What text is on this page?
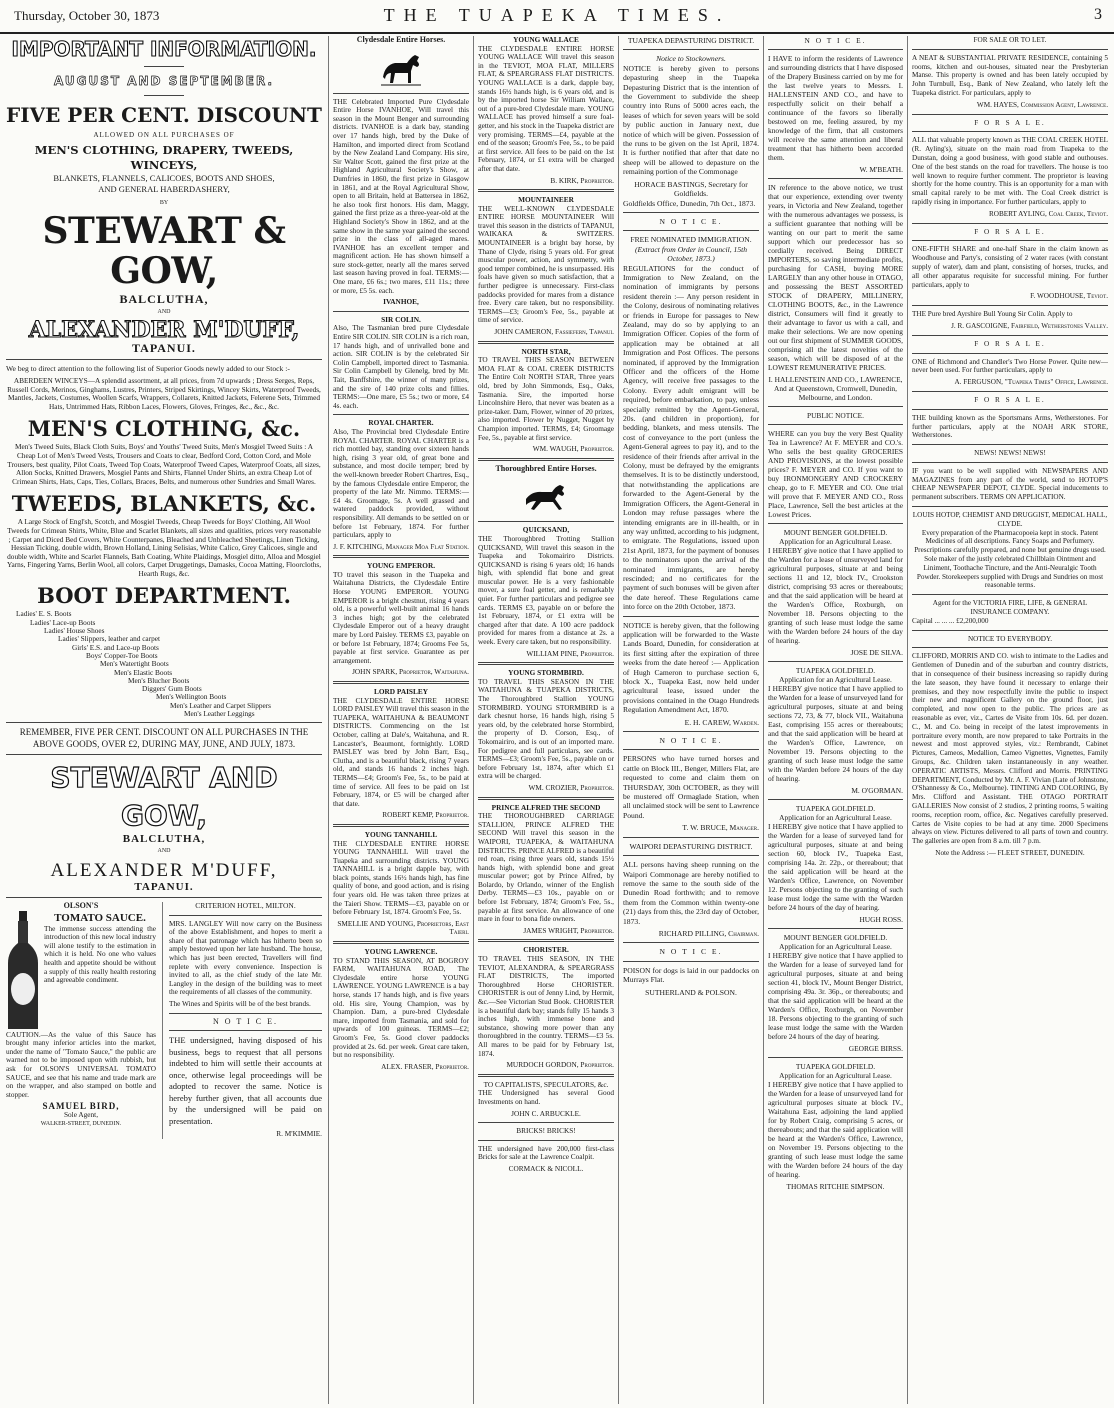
Thursday, October 30, 1873	THE TUAPEKA TIMES.	3
IMPORTANT INFORMATION.
AUGUST AND SEPTEMBER.
FIVE PER CENT. DISCOUNT
ALLOWED ON ALL PURCHASES OF
MEN'S CLOTHING, DRAPERY, TWEEDS, WINCEYS,
BLANKETS, FLANNELS, CALICOES, BOOTS AND SHOES,
AND GENERAL HABERDASHERY,
BY
STEWART & GOW,
BALCLUTHA,
AND
ALEXANDER M'DUFF,
TAPANUI.

We beg to direct attention to the following list of Superior Goods newly added to our Stock :-

ABERDEEN WINCEYS—A splendid assortment, at all prices, from 7d upwards ; Dress Serges, Reps, Russell Cords, Merinos, Ginghams, Lustres, Printers, Striped Skirtings, Wincey Skirts, Waterproof Tweeds, Mantles, Jackets, Costumes, Woollen Scarfs, Wrappers, Collarets, Knitted Jackets, Felerene Sets, Trimmed Hats, Untrimmed Hats, Ribbon Laces, Flowers, Gloves, Fringes, &c., &c., &c.

MEN'S CLOTHING, &c.

Men's Tweed Suits, Black Cloth Suits, Boys' and Youths' Tweed Suits, Men's Mosgiel Tweed Suits : A Cheap Lot of Men's Tweed Vests, Trousers and Coats to clear, Bedford Cord, Cotton Cord, and Mole Trousers, best quality, Pilot Coats, Tweed Top Coats, Waterproof Tweed Capes, Waterproof Coats, all sizes, Allon Socks, Knitted Drawers, Mosgiel Pants and Shirts, Flannel Under Shirts, an extra Cheap Lot of Crimean Shirts, Hats, Caps, Ties, Collars, Braces, Belts, and numerous other Sundries and Small Wares.

TWEEDS, BLANKETS, &c.

A Large Stock of Engl'sh, Scotch, and Mosgiel Tweeds, Cheap Tweeds for Boys' Clothing, All Wool Tweeds for Crimean Shirts, White, Blue and Scarlet Blankets, all sizes and qualities, prices very reasonable ; Carpet and Diced Bed Covers, White Counterpanes, Bleached and Unbleached Sheetings, Linen Ticking, Hessian Ticking, double width, Brown Holland, Lining Selisias, White Calico, Grey Calicoes, single and double width, White and Scarlet Flannels, Bath Coating, White Plaidings, Mosgiel ditto, Alloa and Mosgiel Yarns, Fingering Yarns, Berlin Wool, all colors, Carpet Druggetings, Damasks, Cocoa Matting, Floorcloths, Hearth Rugs, &c.

BOOT DEPARTMENT.
Ladies' E. S. Boots
Ladies' Lace-up Boots
Ladies' House Shoes
Ladies' Slippers, leather and carpet
Girls' E.S. and Lace-up Boots
Boys' Copper-Toe Boots
Men's Watertight Boots
Men's Elastic Boots
Men's Blucher Boots
Diggers' Gum Boots
Men's Wellington Boots
Men's Leather and Carpet Slippers
Men's Leather Leggings

REMEMBER, FIVE PER CENT. DISCOUNT ON ALL PURCHASES IN THE ABOVE GOODS, OVER £2, DURING MAY, JUNE, AND JULY, 1873.

STEWART AND GOW,
BALCLUTHA,
AND
ALEXANDER M'DUFF,
TAPANUI.
OLSON'S
TOMATO SAUCE.

The immense success attending the introduction of this new local industry will alone testify to the estimation in which it is held. No one who values health and appetite should be without a supply of this really health restoring and agreeable condiment.

CAUTION.—As the value of this Sauce has brought many inferior articles into the market, under the name of "Tomato Sauce," the public are warned not to be imposed upon with rubbish, but ask for OLSON'S UNIVERSAL TOMATO SAUCE, and see that his name and trade mark are on the wrapper, and also stamped on bottle and stopper.

SAMUEL BIRD,
Sole Agent,
WALKER-STREET, DUNEDIN.
CRITERION HOTEL, MILTON.

MRS. LANGLEY Will now carry on the Business of the above Establishment, and hopes to merit a share of that patronage which has hitherto been so amply bestowed upon her late husband. The house, which has just been erected, Travellers will find replete with every convenience. Inspection is invited to all, as the chief study of the late Mr. Langley in the design of the building was to meet the requirements of all classes of the community.

The Wines and Spirits will be of the best brands.

N O T I C E.

THE undersigned, having disposed of his business, begs to request that all persons indebted to him will settle their accounts at once, otherwise legal proceedings will be adopted to recover the same. Notice is hereby further given, that all accounts due by the undersigned will be paid on presentation.

R. M'KIMMIE.
Clydesdale Entire Horses.

THE Celebrated Imported Pure Clydesdale Entire Horse IVANHOE, Will travel this season in the Mount Benger and surrounding districts. IVANHOE is a dark bay, standing over 17 hands high, bred by the Duke of Hamilton, and imported direct from Scotland by the New Zealand Land Company. His sire, Sir Walter Scott, gained the first prize at the Highland Agricultural Society's Show, at Dumfries in 1860, the first prize in Glasgow in 1861, and at the Royal Agricultural Show, open to all Britain, held at Battersea in 1862, he also took first honors. His dam, Maggy, gained the first prize as a three-year-old at the Highland Society's Show in 1862, and at the same show in the same year gained the second prize in the class of all-aged mares. IVANHOE has an excellent temper and magnificent action. He has shown himself a sure stock-getter, nearly all the mares served last season having proved in foal. TERMS:—One mare, £6 6s.; two mares, £11 11s.; three or more, £5 5s. each.

IVANHOE,
SIR COLIN.

Also, The Tasmanian bred pure Clydesdale Entire SIR COLIN. SIR COLIN is a rich roan, 17 hands high, and of unrivalled bone and action. SIR COLIN is by the celebrated Sir Colin Campbell, imported direct to Tasmania. Sir Colin Campbell by Glenelg, bred by Mr. Tait, Banffshire, the winner of many prizes, and the sire of 140 prize colts and fillies. TERMS:—One mare, £5 5s.; two or more, £4 4s. each.

ROYAL CHARTER.

Also, The Provincial bred Clydesdale Entire ROYAL CHARTER. ROYAL CHARTER is a rich mottled bay, standing over sixteen hands high, rising 3 year old, of great bone and substance, and most docile temper; bred by the well-known breeder Robert Chartres, Esq., by the famous Clydesdale entire Emperor, the property of the late Mr. Nimmo. TERMS:—£4 4s. Groomage, 5s. A well grassed and watered paddock provided, without responsibility. All demands to be settled on or before 1st February, 1874. For further particulars, apply to

J. F. KITCHING, Manager Moa Flat Station.
YOUNG EMPEROR.

TO travel this season in the Tuapeka and Waitahuna Districts, the Clydesdale Entire Horse YOUNG EMPEROR. YOUNG EMPEROR is a bright chestnut, rising 4 years old, is a powerful well-built animal 16 hands 3 inches high; got by the celebrated Clydesdale Emperor out of a heavy draught mare by Lord Paisley. TERMS £3, payable on or before 1st February, 1874; Grooms Fee 5s, payable at first service. Guarantee as per arrangement.

JOHN SPARK, Proprietor, Waitahuna.
LORD PAISLEY

THE CLYDESDALE ENTIRE HORSE LORD PAISLEY Will travel this season in the TUAPEKA, WAITAHUNA & BEAUMONT DISTRICTS. Commencing on the 1st October, calling at Dale's, Waitahuna, and R. Lancaster's, Beaumont, fortnightly. LORD PAISLEY was bred by John Barr, Esq., Clutha, and is a beautiful black, rising 7 years old, and stands 16 hands 2 inches high. TERMS—£4; Groom's Fee, 5s., to be paid at time of service. All fees to be paid on 1st February, 1874, or £5 will be charged after that date.

ROBERT KEMP, Proprietor.
YOUNG TANNAHILL

THE CLYDESDALE ENTIRE HORSE YOUNG TANNAHILL Will travel the Tuapeka and surrounding districts. YOUNG TANNAHILL is a bright dapple bay, with black points, stands 16½ hands high, has fine quality of bone, and good action, and is rising four years old. He was taken three prizes at the Taieri Show. TERMS—£3, payable on or before February 1st, 1874. Groom's Fee, 5s.

SMELLIE AND YOUNG, Proprietors, East Taieri.
YOUNG LAWRENCE.

TO STAND THIS SEASON, AT BOGROY FARM, WAITAHUNA ROAD, The Clydesdale entire horse YOUNG LAWRENCE. YOUNG LAWRENCE is a bay horse, stands 17 hands high, and is five years old. His sire, Young Champion, was by Champion. Dam, a pure-bred Clydesdale mare, imported from Tasmania, and sold for upwards of 100 guineas. TERMS—£2; Groom's Fee, 5s. Good clover paddocks provided at 2s. 6d. per week. Great care taken, but no responsibility.

ALEX. FRASER, Proprietor.
YOUNG WALLACE

THE CLYDESDALE ENTIRE HORSE YOUNG WALLACE Will travel this season in the TEVIOT, MOA FLAT, MILLERS FLAT, & SPEARGRASS FLAT DISTRICTS. YOUNG WALLACE is a dark, dapple bay, stands 16½ hands high, is 6 years old, and is by the imported horse Sir William Wallace, out of a pure-bred Clydesdale mare. YOUNG WALLACE has proved himself a sure foal-getter, and his stock in the Tuapeka district are very promising. TERMS—£4, payable at the end of the season; Groom's Fee, 5s., to be paid at first service. All fees to be paid on the 1st February, 1874, or £1 extra will be charged after that date.

B. KIRK, Proprietor.
MOUNTAINEER

THE WELL-KNOWN CLYDESDALE ENTIRE HORSE MOUNTAINEER Will travel this season in the districts of TAPANUI, WAIKAKA & SWITZERS. MOUNTAINEER is a bright bay horse, by Thane of Clyde, rising 5 years old. For great muscular power, action, and symmetry, with good temper combined, he is unsurpassed. His foals have given so much satisfaction, that a further pedigree is unnecessary. First-class paddocks provided for mares from a distance free. Every care taken, but no responsibility. TERMS—£3; Groom's Fee, 5s., payable at time of service.

JOHN CAMERON, Fassiefern, Tapanui.
NORTH STAR,

TO TRAVEL THIS SEASON BETWEEN MOA FLAT & COAL CREEK DISTRICTS The Entire Colt NORTH STAR, Three years old, bred by John Simmonds, Esq., Oaks, Tasmania. Sire, the imported horse Lincolnshire Hero, that never was beaten as a prize-taker. Dam, Flower, winner of 20 prizes, also imported. Flower by Nugget, Nugget by Champion imported. TERMS, £4; Groomage Fee, 5s., payable at first service.

WM. WAUGH, Proprietor.
Thoroughbred Entire Horses.
QUICKSAND,

THE Thoroughbred Trotting Stallion QUICKSAND, Will travel this season in the Tuapeka and Tokomairiro Districts. QUICKSAND is rising 6 years old; 16 hands high, with splendid flat bone and great muscular power. He is a very fashionable mover, a sure foal getter, and is remarkably quiet. For further particulars and pedigree see cards. TERMS £3, payable on or before the 1st February, 1874, or £1 extra will be charged after that date. A 100 acre paddock provided for mares from a distance at 2s. a week. Every care taken, but no responsibility.

WILLIAM PINE, Proprietor.
YOUNG STORMBIRD.

TO TRAVEL THIS SEASON IN THE WAITAHUNA & TUAPEKA DISTRICTS, The Thoroughbred Stallion YOUNG STORMBIRD. YOUNG STORMBIRD is a dark chesnut horse, 16 hands high, rising 5 years old, by the celebrated horse Stormbird, the property of D. Corson, Esq., of Tokomairiro, and is out of an imported mare. For pedigree and full particulars, see cards. TERMS—£3; Groom's Fee, 5s., payable on or before February 1st, 1874, after which £1 extra will be charged.

WM. CROZIER, Proprietor.
PRINCE ALFRED THE SECOND

THE THOROUGHBRED CARRIAGE STALLION, PRINCE ALFRED THE SECOND Will travel this season in the WAIPORI, TUAPEKA, & WAITAHUNA DISTRICTS. PRINCE ALFRED is a beautiful red roan, rising three years old, stands 15½ hands high, with splendid bone and great muscular power; got by Prince Alfred, by Bolardo, by Orlando, winner of the English Derby. TERMS—£3 10s., payable on or before 1st February, 1874; Groom's Fee, 5s., payable at first service. An allowance of one mare in four to bona fide owners.

JAMES WRIGHT, Proprietor.
CHORISTER.

TO TRAVEL THIS SEASON, IN THE TEVIOT, ALEXANDRA, & SPEARGRASS FLAT DISTRICTS, The imported Thoroughbred Horse CHORISTER. CHORISTER is out of Jenny Lind, by Hermit, &c.—See Victorian Stud Book. CHORISTER is a beautiful dark bay; stands fully 15 hands 3 inches high, with immense bone and substance, showing more power than any thoroughbred in the country. TERMS—£3 5s. All mares to be paid for by February 1st, 1874.

MURDOCH GORDON, Proprietor.
TO CAPITALISTS, SPECULATORS, &c.

THE Undersigned has several Good Investments on hand.

JOHN C. ARBUCKLE.
BRICKS! BRICKS!

THE undersigned have 200,000 first-class Bricks for sale at the Lawrence Coalpit.

CORMACK & NICOLL.
TUAPEKA DEPASTURING DISTRICT.
Notice to Stockowners.

NOTICE is hereby given to persons depasturing sheep in the Tuapeka Depasturing District that is the intention of the Government to subdivide the sheep country into Runs of 5000 acres each, the leases of which for seven years will be sold by public auction in January next, due notice of which will be given. Possession of the runs to be given on the 1st April, 1874. It is further notified that after that date no sheep will be allowed to depasture on the remaining portion of the Commonage

HORACE BASTINGS, Secretary for Goldfields.
Goldfields Office, Dunedin, 7th Oct., 1873.
N O T I C E.
FREE NOMINATED IMMIGRATION.
(Extract from Order in Council, 15th October, 1873.)

REGULATIONS for the conduct of Immigration to New Zealand, on the nomination of immigrants by persons resident therein :— Any person resident in the Colony, desirous of nominating relatives or friends in Europe for passages to New Zealand, may do so by applying to an Immigration Officer. Copies of the form of application may be obtained at all Immigration and Post Offices. The persons nominated, if approved by the Immigration Officer and the officers of the Home Agency, will receive free passages to the Colony. Every adult emigrant will be required, before embarkation, to pay, unless specially remitted by the Agent-General, 20s. (and children in proportion), for bedding, blankets, and mess utensils. The cost of conveyance to the port (unless the Agent-General agrees to pay it), and to the residence of their friends after arrival in the Colony, must be defrayed by the emigrants themselves. It is to be distinctly understood, that notwithstanding the applications are forwarded to the Agent-General by the Immigration Officers, the Agent-General in London may refuse passages where the intending emigrants are in ill-health, or in any way unfitted, according to his judgment, to emigrate. The Regulations, issued upon 21st April, 1873, for the payment of bonuses to the nominators upon the arrival of the nominated immigrants, are hereby rescinded; and no certificates for the payment of such bonuses will be given after the date hereof. These Regulations came into force on the 20th October, 1873.

NOTICE is hereby given, that the following application will be forwarded to the Waste Lands Board, Dunedin, for consideration at its first sitting after the expiration of three weeks from the date hereof :— Application of Hugh Cameron to purchase section 6, block X., Tuapeka East, now held under agricultural lease, issued under the provisions contained in the Otago Hundreds Regulation Amendment Act, 1870.

E. H. CAREW, Warden.
N O T I C E.

PERSONS who have turned horses and cattle on Block III., Benger, Millers Flat, are requested to come and claim them on THURSDAY, 30th OCTOBER, as they will be mustered off Ormaglade Station, when all unclaimed stock will be sent to Lawrence Pound.

T. W. BRUCE, Manager.
WAIPORI DEPASTURING DISTRICT.

ALL persons having sheep running on the Waipori Commonage are hereby notified to remove the same to the south side of the Dunedin Road forthwith; and to remove them from the Common within twenty-one (21) days from this, the 23rd day of October, 1873.

RICHARD PILLING, Chairman.
N O T I C E.

POISON for dogs is laid in our paddocks on Murrays Flat.

SUTHERLAND & POLSON.
N O T I C E.

I HAVE to inform the residents of Lawrence and surrounding districts that I have disposed of the Drapery Business carried on by me for the last twelve years to Messrs. I. HALLENSTEIN AND CO., and have to respectfully solicit on their behalf a continuance of the favors so liberally bestowed on me, feeling assured, by my knowledge of the firm, that all customers will receive the same attention and liberal treatment that has hitherto been accorded them.

W. M'BEATH.

IN reference to the above notice, we trust that our experience, extending over twenty years, in Victoria and New Zealand, together with the numerous advantages we possess, is a sufficient guarantee that nothing will be wanting on our part to merit the same support which our predecessor has so cordially received. Being DIRECT IMPORTERS, so saving intermediate profits, purchasing for CASH, buying MORE LARGELY than any other house in OTAGO, and possessing the BEST ASSORTED STOCK of DRAPERY, MILLINERY, CLOTHING BOOTS, &c., in the Lawrence district, Consumers will find it greatly to their advantage to favor us with a call, and make their selections. We are now opening out our first shipment of SUMMER GOODS, comprising all the latest novelties of the season, which will be disposed of at the LOWEST REMUNERATIVE PRICES.

I. HALLENSTEIN AND CO., LAWRENCE, And at Queenstown, Cromwell, Dunedin, Melbourne, and London.
PUBLIC NOTICE.

WHERE can you buy the very Best Quality Tea in Lawrence? At F. MEYER and CO.'s. Who sells the best quality GROCERIES AND PROVISIONS, at the lowest possible prices? F. MEYER and CO. If you want to buy IRONMONGERY AND CROCKERY cheap, go to F. MEYER and CO. One trial will prove that F. MEYER AND CO., Ross Place, Lawrence, Sell the best articles at the Lowest Prices.

MOUNT BENGER GOLDFIELD.
Application for an Agricultural Lease.

I HEREBY give notice that I have applied to the Warden for a lease of unsurveyed land for agricultural purposes, situate at and being sections 11 and 12, block IV., Crookston district, comprising 93 acres or thereabouts; and that the said application will be heard at the Warden's Office, Roxburgh, on November 18. Persons objecting to the granting of such lease must lodge the same with the Warden before 24 hours of the day of hearing.

JOSE DE SILVA.
TUAPEKA GOLDFIELD.
Application for an Agricultural Lease.

I HEREBY give notice that I have applied to the Warden for a lease of unsurveyed land for agricultural purposes, situate at and being sections 72, 73, & 77, block VII., Waitahuna East, comprising 155 acres or thereabouts; and that the said application will be heard at the Warden's Office, Lawrence, on November 19. Persons objecting to the granting of such lease must lodge the same with the Warden before 24 hours of the day of hearing.

M. O'GORMAN.
TUAPEKA GOLDFIELD.
Application for an Agricultural Lease.

I HEREBY give notice that I have applied to the Warden for a lease of surveyed land for agricultural purposes, situate at and being section 60, block IV., Tuapeka East, comprising 14a. 2r. 22p., or thereabout; that the said application will be heard at the Warden's Office, Lawrence, on November 12. Persons objecting to the granting of such lease must lodge the same with the Warden before 24 hours of the day of hearing.

HUGH ROSS.
MOUNT BENGER GOLDFIELD.
Application for an Agricultural Lease.

I HEREBY give notice that I have applied to the Warden for a lease of surveyed land for agricultural purposes, situate at and being section 41, block IV., Mount Benger District, comprising 49a. 3r. 36p., or thereabouts; and that the said application will be heard at the Warden's Office, Roxburgh, on November 18. Persons objecting to the granting of such lease must lodge the same with the Warden before 24 hours of the day of hearing.

GEORGE BIRSS.
TUAPEKA GOLDFIELD.
Application for an Agricultural Lease.

I HEREBY give notice that I have applied to the Warden for a lease of unsurveyed land for agricultural purposes situate at block IV., Waitahuna East, adjoining the land applied for by Robert Craig, comprising 5 acres, or thereabouts; and that the said application will be heard at the Warden's Office, Lawrence, on November 19. Persons objecting to the granting of such lease must lodge the same with the Warden before 24 hours of the day of hearing.

THOMAS RITCHIE SIMPSON.
FOR SALE OR TO LET.

A NEAT & SUBSTANTIAL PRIVATE RESIDENCE, containing 5 rooms, kitchen and out-houses, situated near the Presbyterian Manse. This property is owned and has been lately occupied by John Turnbull, Esq., Bank of New Zealand, who lately left the Tuapeka district. For particulars, apply to

WM. HAYES, Commission Agent, Lawrence.
F O R S A L E.

ALL that valuable property known as THE COAL CREEK HOTEL (R. Ayling's), situate on the main road from Tuapeka to the Dunstan, doing a good business, with good stable and outhouses. One of the best stands on the road for travellers. The house is too well known to require further comment. The proprietor is leaving shortly for the home country. This is an opportunity for a man with small capital rarely to be met with. The Coal Creek district is rapidly rising in importance. For further particulars, apply to

ROBERT AYLING, Coal Creek, Teviot.
F O R S A L E.

ONE-FIFTH SHARE and one-half Share in the claim known as Woodhouse and Party's, consisting of 2 water races (with constant supply of water), dam and plant, consisting of horses, trucks, and all other apparatus requisite for successful mining. For further particulars, apply to

F. WOODHOUSE, Teviot.

THE Pure bred Ayrshire Bull Young Sir Colin. Apply to

J. R. GASCOIGNE, Fairfield, Wetherstones Valley.
F O R S A L E.

ONE of Richmond and Chandler's Two Horse Power. Quite new—never been used. For further particulars, apply to

A. FERGUSON, "Tuapeka Times" Office, Lawrence.
F O R S A L E.

THE building known as the Sportsmans Arms, Wetherstones. For further particulars, apply at the NOAH ARK STORE, Wetherstones.

NEWS! NEWS! NEWS!

IF you want to be well supplied with NEWSPAPERS AND MAGAZINES from any part of the world, send to HOTOP'S CHEAP NEWSPAPER DEPOT, CLYDE. Special inducements to permanent subscribers. TERMS ON APPLICATION.

LOUIS HOTOP, CHEMIST AND DRUGGIST, MEDICAL HALL, CLYDE.

Every preparation of the Pharmacopoeia kept in stock. Patent Medicines of all descriptions. Fancy Soaps and Perfumery. Prescriptions carefully prepared, and none but genuine drugs used. Sole maker of the justly celebrated Chillblain Ointment and Liniment, Toothache Tincture, and the Anti-Neuralgic Tooth Powder. Storekeepers supplied with Drugs and Sundries on most reasonable terms.

Agent for the VICTORIA FIRE, LIFE, & GENERAL INSURANCE COMPANY.
Capital ... ... ... £2,200,000
NOTICE TO EVERYBODY.

CLIFFORD, MORRIS AND CO. wish to intimate to the Ladies and Gentlemen of Dunedin and of the suburban and country districts, that in consequence of their business increasing so rapidly during the late season, they have found it necessary to enlarge their premises, and they now respectfully invite the public to inspect their new and magnificent Gallery on the ground floor, just completed, and now open to the public. The prices are as reasonable as ever, viz., Cartes de Visite from 10s. 6d. per dozen. C., M. and Co. being in receipt of the latest improvements in portraiture every month, are now prepared to take Portraits in the newest and most approved styles, viz.: Rembrandt, Cabinet Pictures, Cameos, Medallion, Cameo Vignettes, Vignettes, Family Groups, &c. Children taken instantaneously in any weather. OPERATIC ARTISTS, Messrs. Clifford and Morris. PRINTING DEPARTMENT, Conducted by Mr. A. F. Vivian (Late of Johnstone, O'Shannessy & Co., Melbourne). TINTING AND COLORING, By Mrs. Clifford and Assistant. THE OTAGO PORTRAIT GALLERIES Now consist of 2 studios, 2 printing rooms, 5 waiting rooms, reception room, office, &c. Negatives carefully preserved. Cartes de Visite copies to be had at any time. 2000 Specimens always on view. Pictures delivered to all parts of town and country. The galleries are open from 8 a.m. till 7 p.m.

Note the Address :— FLEET STREET, DUNEDIN.
